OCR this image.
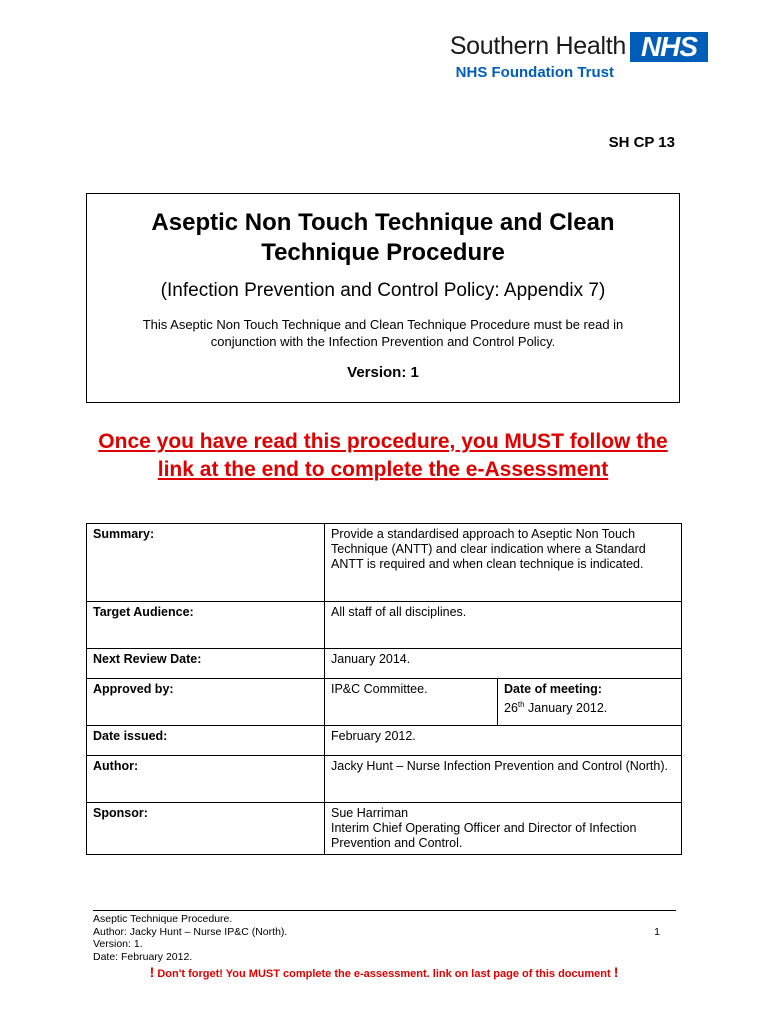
Southern Health NHS
NHS Foundation Trust
SH CP 13
Aseptic Non Touch Technique and Clean Technique Procedure
(Infection Prevention and Control Policy: Appendix 7)
This Aseptic Non Touch Technique and Clean Technique Procedure must be read in conjunction with the Infection Prevention and Control Policy.
Version: 1
Once you have read this procedure, you MUST follow the link at the end to complete the e-Assessment
Summary:	Provide a standardised approach to Aseptic Non Touch Technique (ANTT) and clear indication where a Standard ANTT is required and when clean technique is indicated.	
Target Audience:	All staff of all disciplines.	
Next Review Date:	January 2014.	
Approved by:	IP&C Committee.	Date of meeting:
26th January 2012.

Date issued:	February 2012.	
Author:	Jacky Hunt – Nurse Infection Prevention and Control (North).	
Sponsor:	Sue Harriman
Interim Chief Operating Officer and Director of Infection Prevention and Control.	
Aseptic Technique Procedure.
Author: Jacky Hunt – Nurse IP&C (North).
Version: 1.
Date: February 2012.
1
! Don't forget! You MUST complete the e-assessment. link on last page of this document !
